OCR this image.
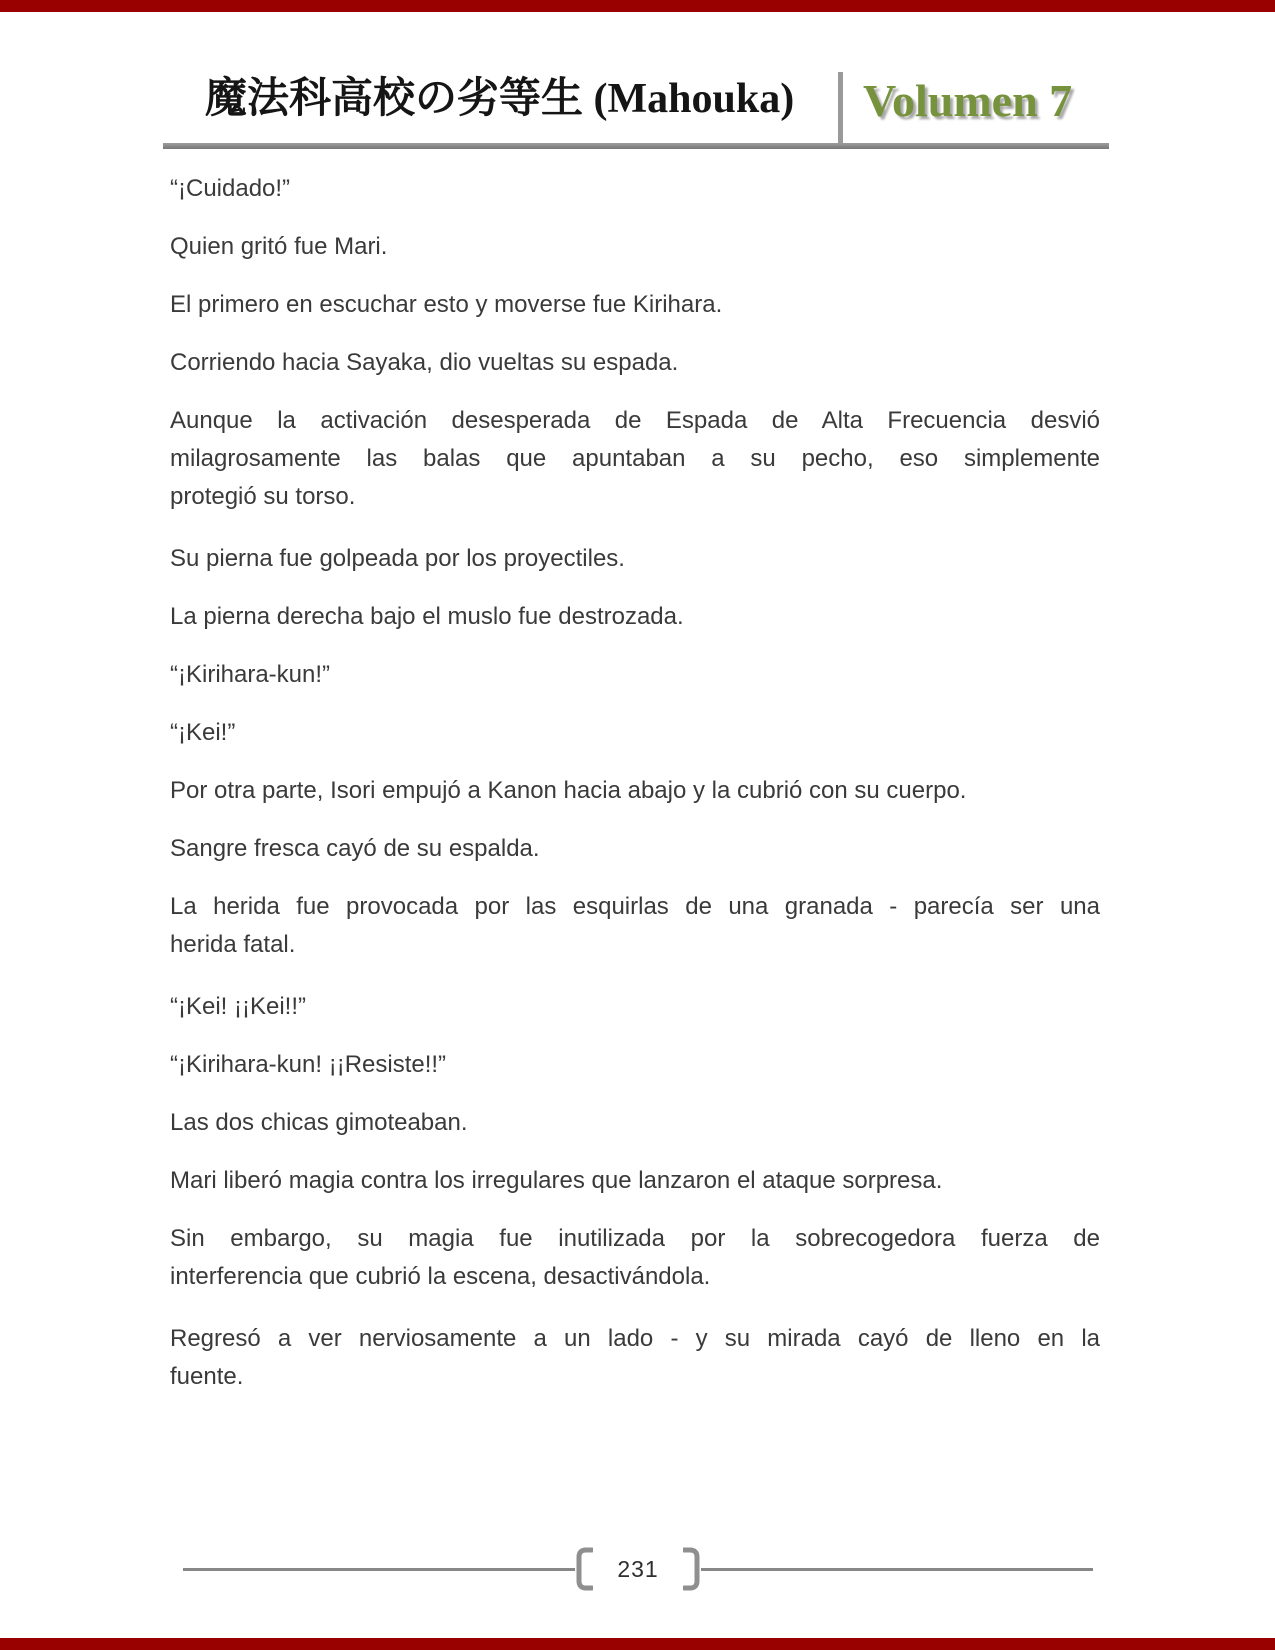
魔法科高校の劣等生 (Mahouka) Volumen 7

“¡Cuidado!”

Quien gritó fue Mari.

El primero en escuchar esto y moverse fue Kirihara.

Corriendo hacia Sayaka, dio vueltas su espada.

Aunque la activación desesperada de Espada de Alta Frecuencia desvió
milagrosamente las balas que apuntaban a su pecho, eso simplemente
protegió su torso.

Su pierna fue golpeada por los proyectiles.

La pierna derecha bajo el muslo fue destrozada.

“¡Kirihara-kun!”

“¡Kei!”

Por otra parte, Isori empujó a Kanon hacia abajo y la cubrió con su cuerpo.

Sangre fresca cayó de su espalda.

La herida fue provocada por las esquirlas de una granada - parecía ser una
herida fatal.

“¡Kei! ¡¡Kei!!”

“¡Kirihara-kun! ¡¡Resiste!!”

Las dos chicas gimoteaban.

Mari liberó magia contra los irregulares que lanzaron el ataque sorpresa.

Sin embargo, su magia fue inutilizada por la sobrecogedora fuerza de
interferencia que cubrió la escena, desactivándola.

Regresó a ver nerviosamente a un lado - y su mirada cayó de lleno en la
fuente.

231
